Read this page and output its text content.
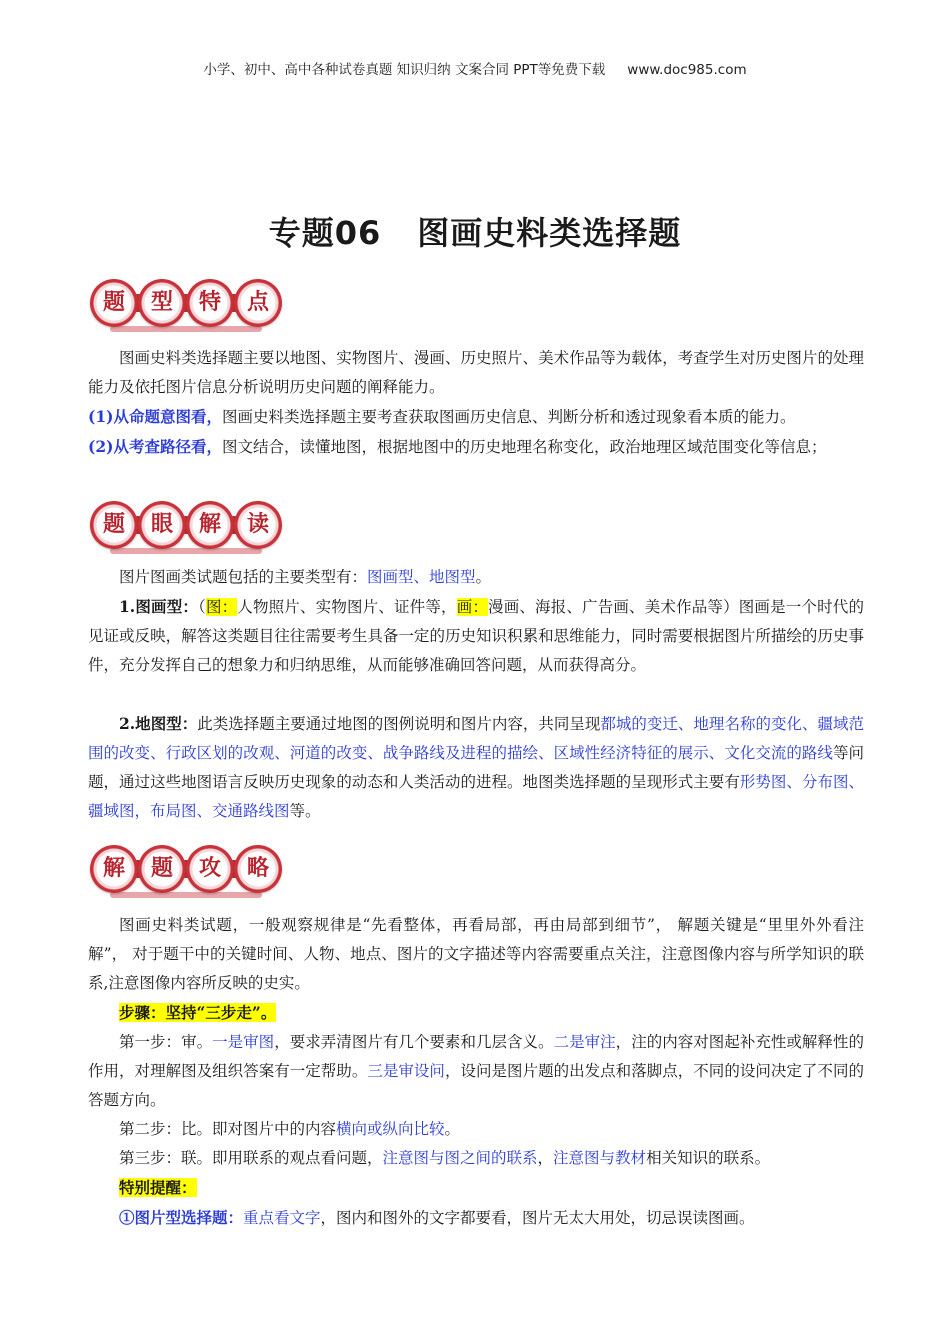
小学、初中、高中各种试卷真题 知识归纳 文案合同 PPT等免费下载 www.doc985.com
专题06 图画史料类选择题
题	型	特	点

图画史料类选择题主要以地图、实物图片、漫画、历史照片、美术作品等为载体，考查学生对历史图片的处理能力及依托图片信息分析说明历史问题的阐释能力。

(1)从命题意图看，图画史料类选择题主要考查获取图画历史信息、判断分析和透过现象看本质的能力。

(2)从考查路径看，图文结合，读懂地图，根据地图中的历史地理名称变化，政治地理区域范围变化等信息；

题	眼	解	读

图片图画类试题包括的主要类型有：图画型、地图型。

1.图画型：（图：人物照片、实物图片、证件等，画：漫画、海报、广告画、美术作品等）图画是一个时代的见证或反映，解答这类题目往往需要考生具备一定的历史知识积累和思维能力，同时需要根据图片所描绘的历史事件，充分发挥自己的想象力和归纳思维，从而能够准确回答问题，从而获得高分。

2.地图型：此类选择题主要通过地图的图例说明和图片内容，共同呈现都城的变迁、地理名称的变化、疆域范围的改变、行政区划的改观、河道的改变、战争路线及进程的描绘、区域性经济特征的展示、文化交流的路线等问题，通过这些地图语言反映历史现象的动态和人类活动的进程。地图类选择题的呈现形式主要有形势图、分布图、疆域图，布局图、交通路线图等。

解	题	攻	略

图画史料类试题，一般观察规律是“先看整体，再看局部，再由局部到细节”， 解题关键是“里里外外看注解”， 对于题干中的关键时间、人物、地点、图片的文字描述等内容需要重点关注，注意图像内容与所学知识的联系,注意图像内容所反映的史实。

步骤：坚持“三步走”。

第一步：审。一是审图，要求弄清图片有几个要素和几层含义。二是审注，注的内容对图起补充性或解释性的作用，对理解图及组织答案有一定帮助。三是审设问，设问是图片题的出发点和落脚点，不同的设问决定了不同的答题方向。

第二步：比。即对图片中的内容横向或纵向比较。

第三步：联。即用联系的观点看问题，注意图与图之间的联系，注意图与教材相关知识的联系。

特别提醒：

①图片型选择题：重点看文字，图内和图外的文字都要看，图片无太大用处，切忌误读图画。
